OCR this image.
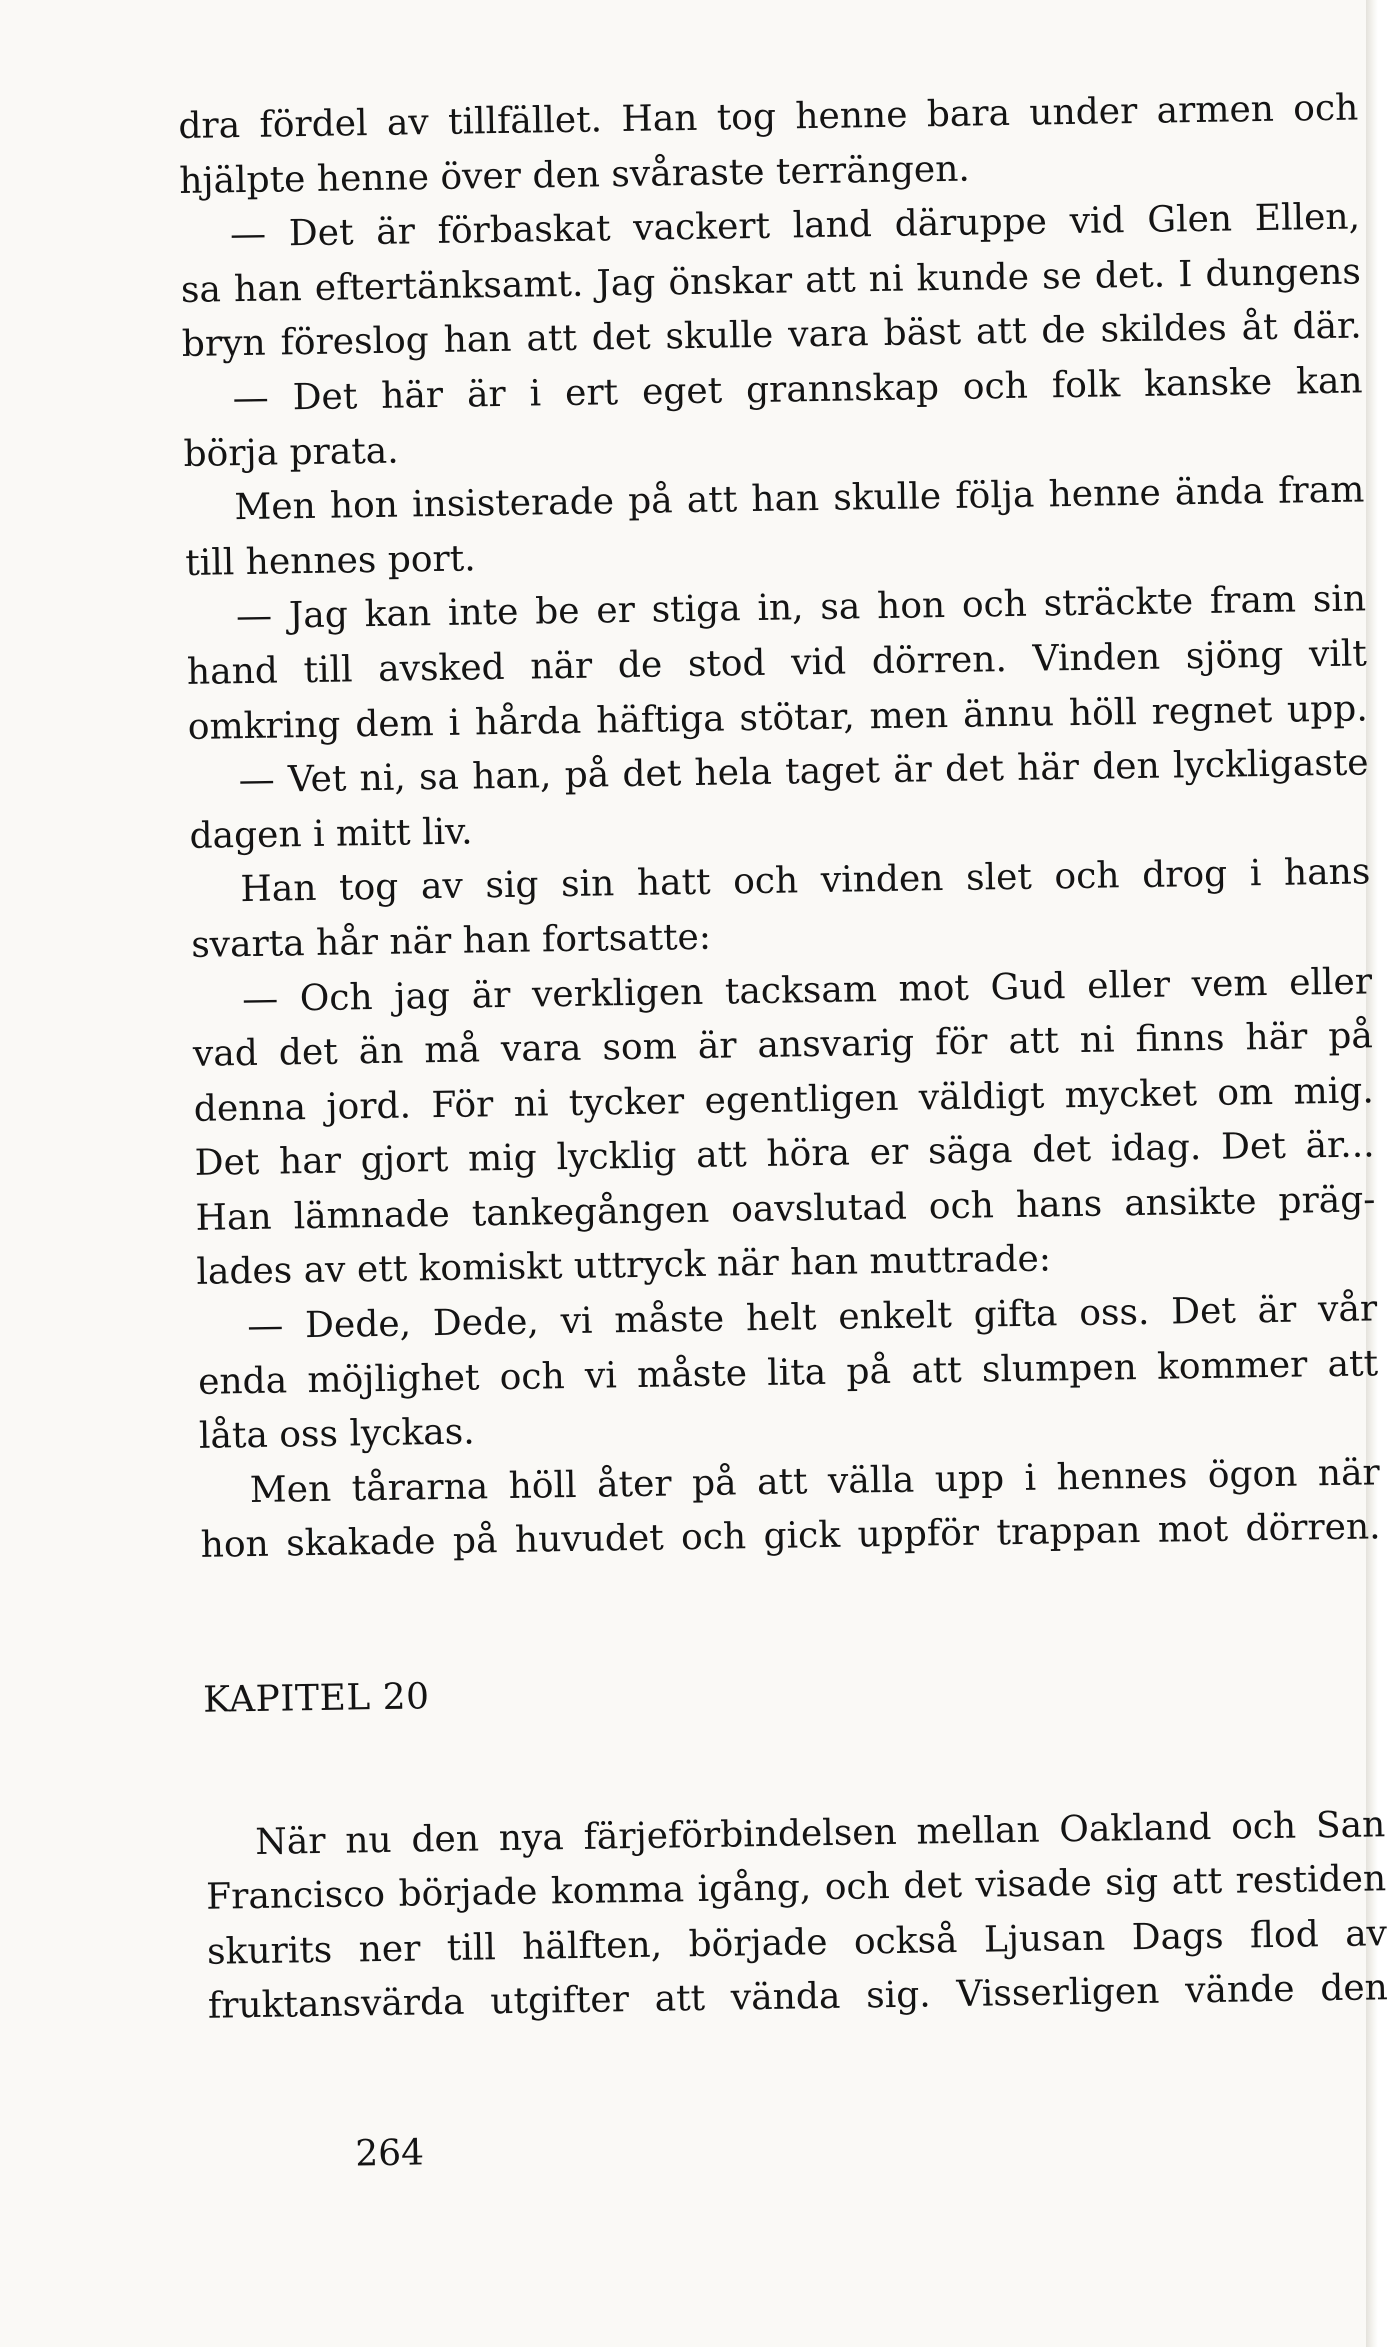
dra fördel av tillfället. Han tog henne bara under armen och
hjälpte henne över den svåraste terrängen.
— Det är förbaskat vackert land däruppe vid Glen Ellen,
sa han eftertänksamt. Jag önskar att ni kunde se det. I dungens
bryn föreslog han att det skulle vara bäst att de skildes åt där.
— Det här är i ert eget grannskap och folk kanske kan
börja prata.
Men hon insisterade på att han skulle följa henne ända fram
till hennes port.
— Jag kan inte be er stiga in, sa hon och sträckte fram sin
hand till avsked när de stod vid dörren. Vinden sjöng vilt
omkring dem i hårda häftiga stötar, men ännu höll regnet upp.
— Vet ni, sa han, på det hela taget är det här den lyckligaste
dagen i mitt liv.
Han tog av sig sin hatt och vinden slet och drog i hans
svarta hår när han fortsatte:
— Och jag är verkligen tacksam mot Gud eller vem eller
vad det än må vara som är ansvarig för att ni finns här på
denna jord. För ni tycker egentligen väldigt mycket om mig.
Det har gjort mig lycklig att höra er säga det idag. Det är...
Han lämnade tankegången oavslutad och hans ansikte präg-
lades av ett komiskt uttryck när han muttrade:
— Dede, Dede, vi måste helt enkelt gifta oss. Det är vår
enda möjlighet och vi måste lita på att slumpen kommer att
låta oss lyckas.
Men tårarna höll åter på att välla upp i hennes ögon när
hon skakade på huvudet och gick uppför trappan mot dörren.
KAPITEL 20
När nu den nya färjeförbindelsen mellan Oakland och San
Francisco började komma igång, och det visade sig att restiden
skurits ner till hälften, började också Ljusan Dags flod av
fruktansvärda utgifter att vända sig. Visserligen vände den
264
